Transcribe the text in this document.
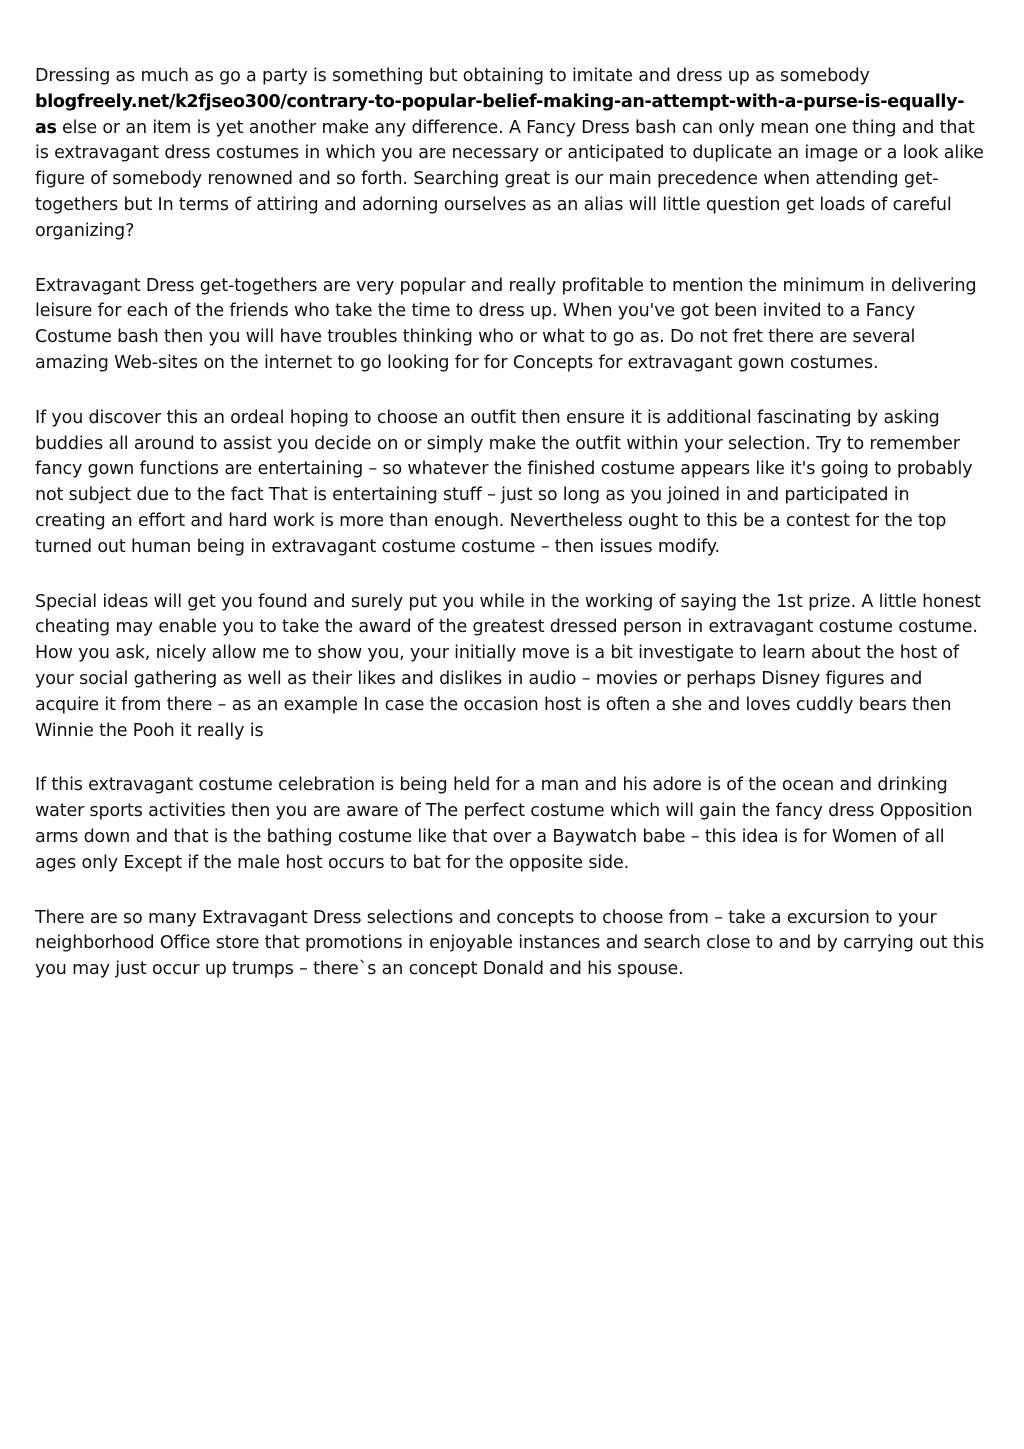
Dressing as much as go a party is something but obtaining to imitate and dress up as somebody blogfreely.net/k2fjseo300/contrary-to-popular-belief-making-an-attempt-with-a-purse-is-equally-as else or an item is yet another make any difference. A Fancy Dress bash can only mean one thing and that is extravagant dress costumes in which you are necessary or anticipated to duplicate an image or a look alike figure of somebody renowned and so forth. Searching great is our main precedence when attending get-togethers but In terms of attiring and adorning ourselves as an alias will little question get loads of careful organizing?

Extravagant Dress get-togethers are very popular and really profitable to mention the minimum in delivering leisure for each of the friends who take the time to dress up. When you've got been invited to a Fancy Costume bash then you will have troubles thinking who or what to go as. Do not fret there are several amazing Web-sites on the internet to go looking for for Concepts for extravagant gown costumes.

If you discover this an ordeal hoping to choose an outfit then ensure it is additional fascinating by asking buddies all around to assist you decide on or simply make the outfit within your selection. Try to remember fancy gown functions are entertaining – so whatever the finished costume appears like it's going to probably not subject due to the fact That is entertaining stuff – just so long as you joined in and participated in creating an effort and hard work is more than enough. Nevertheless ought to this be a contest for the top turned out human being in extravagant costume costume – then issues modify.

Special ideas will get you found and surely put you while in the working of saying the 1st prize. A little honest cheating may enable you to take the award of the greatest dressed person in extravagant costume costume. How you ask, nicely allow me to show you, your initially move is a bit investigate to learn about the host of your social gathering as well as their likes and dislikes in audio – movies or perhaps Disney figures and acquire it from there – as an example In case the occasion host is often a she and loves cuddly bears then Winnie the Pooh it really is

If this extravagant costume celebration is being held for a man and his adore is of the ocean and drinking water sports activities then you are aware of The perfect costume which will gain the fancy dress Opposition arms down and that is the bathing costume like that over a Baywatch babe – this idea is for Women of all ages only Except if the male host occurs to bat for the opposite side.

There are so many Extravagant Dress selections and concepts to choose from – take a excursion to your neighborhood Office store that promotions in enjoyable instances and search close to and by carrying out this you may just occur up trumps – there`s an concept Donald and his spouse.
